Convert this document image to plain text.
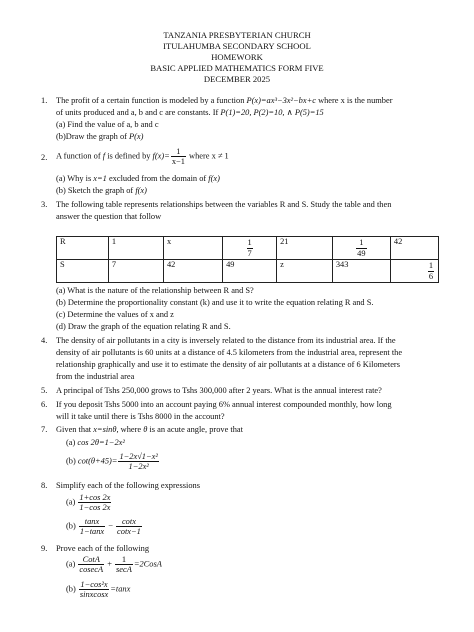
TANZANIA PRESBYTERIAN CHURCH
ITULAHUMBA SECONDARY SCHOOL
HOMEWORK
BASIC APPLIED MATHEMATICS FORM FIVE
DECEMBER 2025
1. The profit of a certain function is modeled by a function P(x)=ax³−3x²−bx+c where x is the number
of units produced and a, b and c are constants. If P(1)=20, P(2)=10, ∧ P(5)=15
(a) Find the value of a, b and c
(b)Draw the graph of P(x)
2. A function of f is defined by $f(x)= \frac{1}{x-1}$ where x ≠ 1
(a) Why is x=1 excluded from the domain of f(x)
(b) Sketch the graph of f(x)
3. The following table represents relationships between the variables R and S. Study the table and then
answer the question that follow
R	1	x	$\frac{1}{7}$	21	$\frac{1}{49}$	42
S	7	42	49	z	343	$\frac{1}{6}$
(a) What is the nature of the relationship between R and S?
(b) Determine the proportionality constant (k) and use it to write the equation relating R and S.
(c) Determine the values of x and z
(d) Draw the graph of the equation relating R and S.
4. The density of air pollutants in a city is inversely related to the distance from its industrial area. If the
density of air pollutants is 60 units at a distance of 4.5 kilometers from the industrial area, represent the
relationship graphically and use it to estimate the density of air pollutants at a distance of 6 Kilometers
from the industrial area
5. A principal of Tshs 250,000 grows to Tshs 300,000 after 2 years. What is the annual interest rate?
6. If you deposit Tshs 5000 into an account paying 6% annual interest compounded monthly, how long
will it take until there is Tshs 8000 in the account?
7. Given that x=sinθ, where θ is an acute angle, prove that
(a) cos 2θ=1−2x²
(b) $\cot(\theta+45)= \frac{\text{1−2x√1−x²}}{\text{1−2x²}}$
8. Simplify each of the following expressions
$(a) \frac{1+\cos 2x}{1-\cos 2x}$
$(b) \frac{\tan x}{1-\tan x} - \frac{\cot x}{\cot x-1}$
9. Prove each of the following
$(a) \frac{\text{CotA}}{cosecA} + \frac{1}{\sec A}$ =2CosA
$(b) \frac{\text{1−cos²x}}{\text{sinxcosx}} =\tan x$
